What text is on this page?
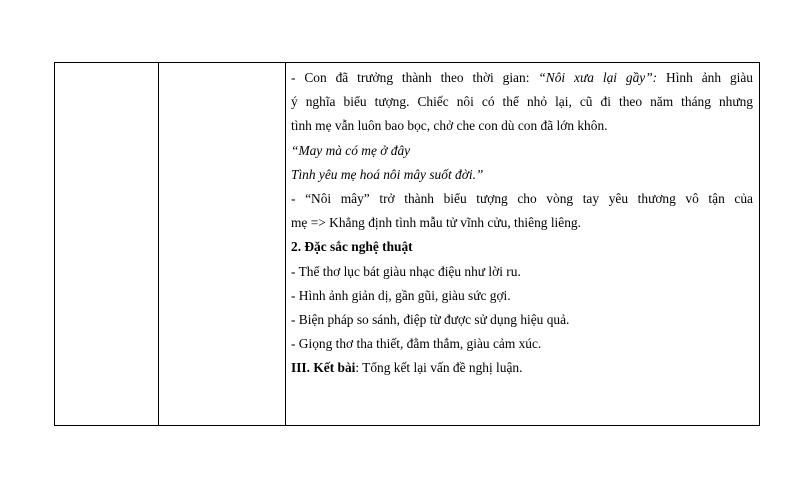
- Con đã trưởng thành theo thời gian: “Nôi xưa lại gầy”: Hình ảnh giàu

ý nghĩa biểu tượng. Chiếc nôi có thể nhỏ lại, cũ đi theo năm tháng nhưng

tình mẹ vẫn luôn bao bọc, chở che con dù con đã lớn khôn.

“May mà có mẹ ở đây

Tình yêu mẹ hoá nôi mây suốt đời.”

- “Nôi mây” trở thành biểu tượng cho vòng tay yêu thương vô tận của

mẹ => Khẳng định tình mẫu tử vĩnh cửu, thiêng liêng.

2. Đặc sắc nghệ thuật

- Thể thơ lục bát giàu nhạc điệu như lời ru.

- Hình ảnh giản dị, gần gũi, giàu sức gợi.

- Biện pháp so sánh, điệp từ được sử dụng hiệu quả.

- Giọng thơ tha thiết, đằm thắm, giàu cảm xúc.

III. Kết bài: Tổng kết lại vấn đề nghị luận.
